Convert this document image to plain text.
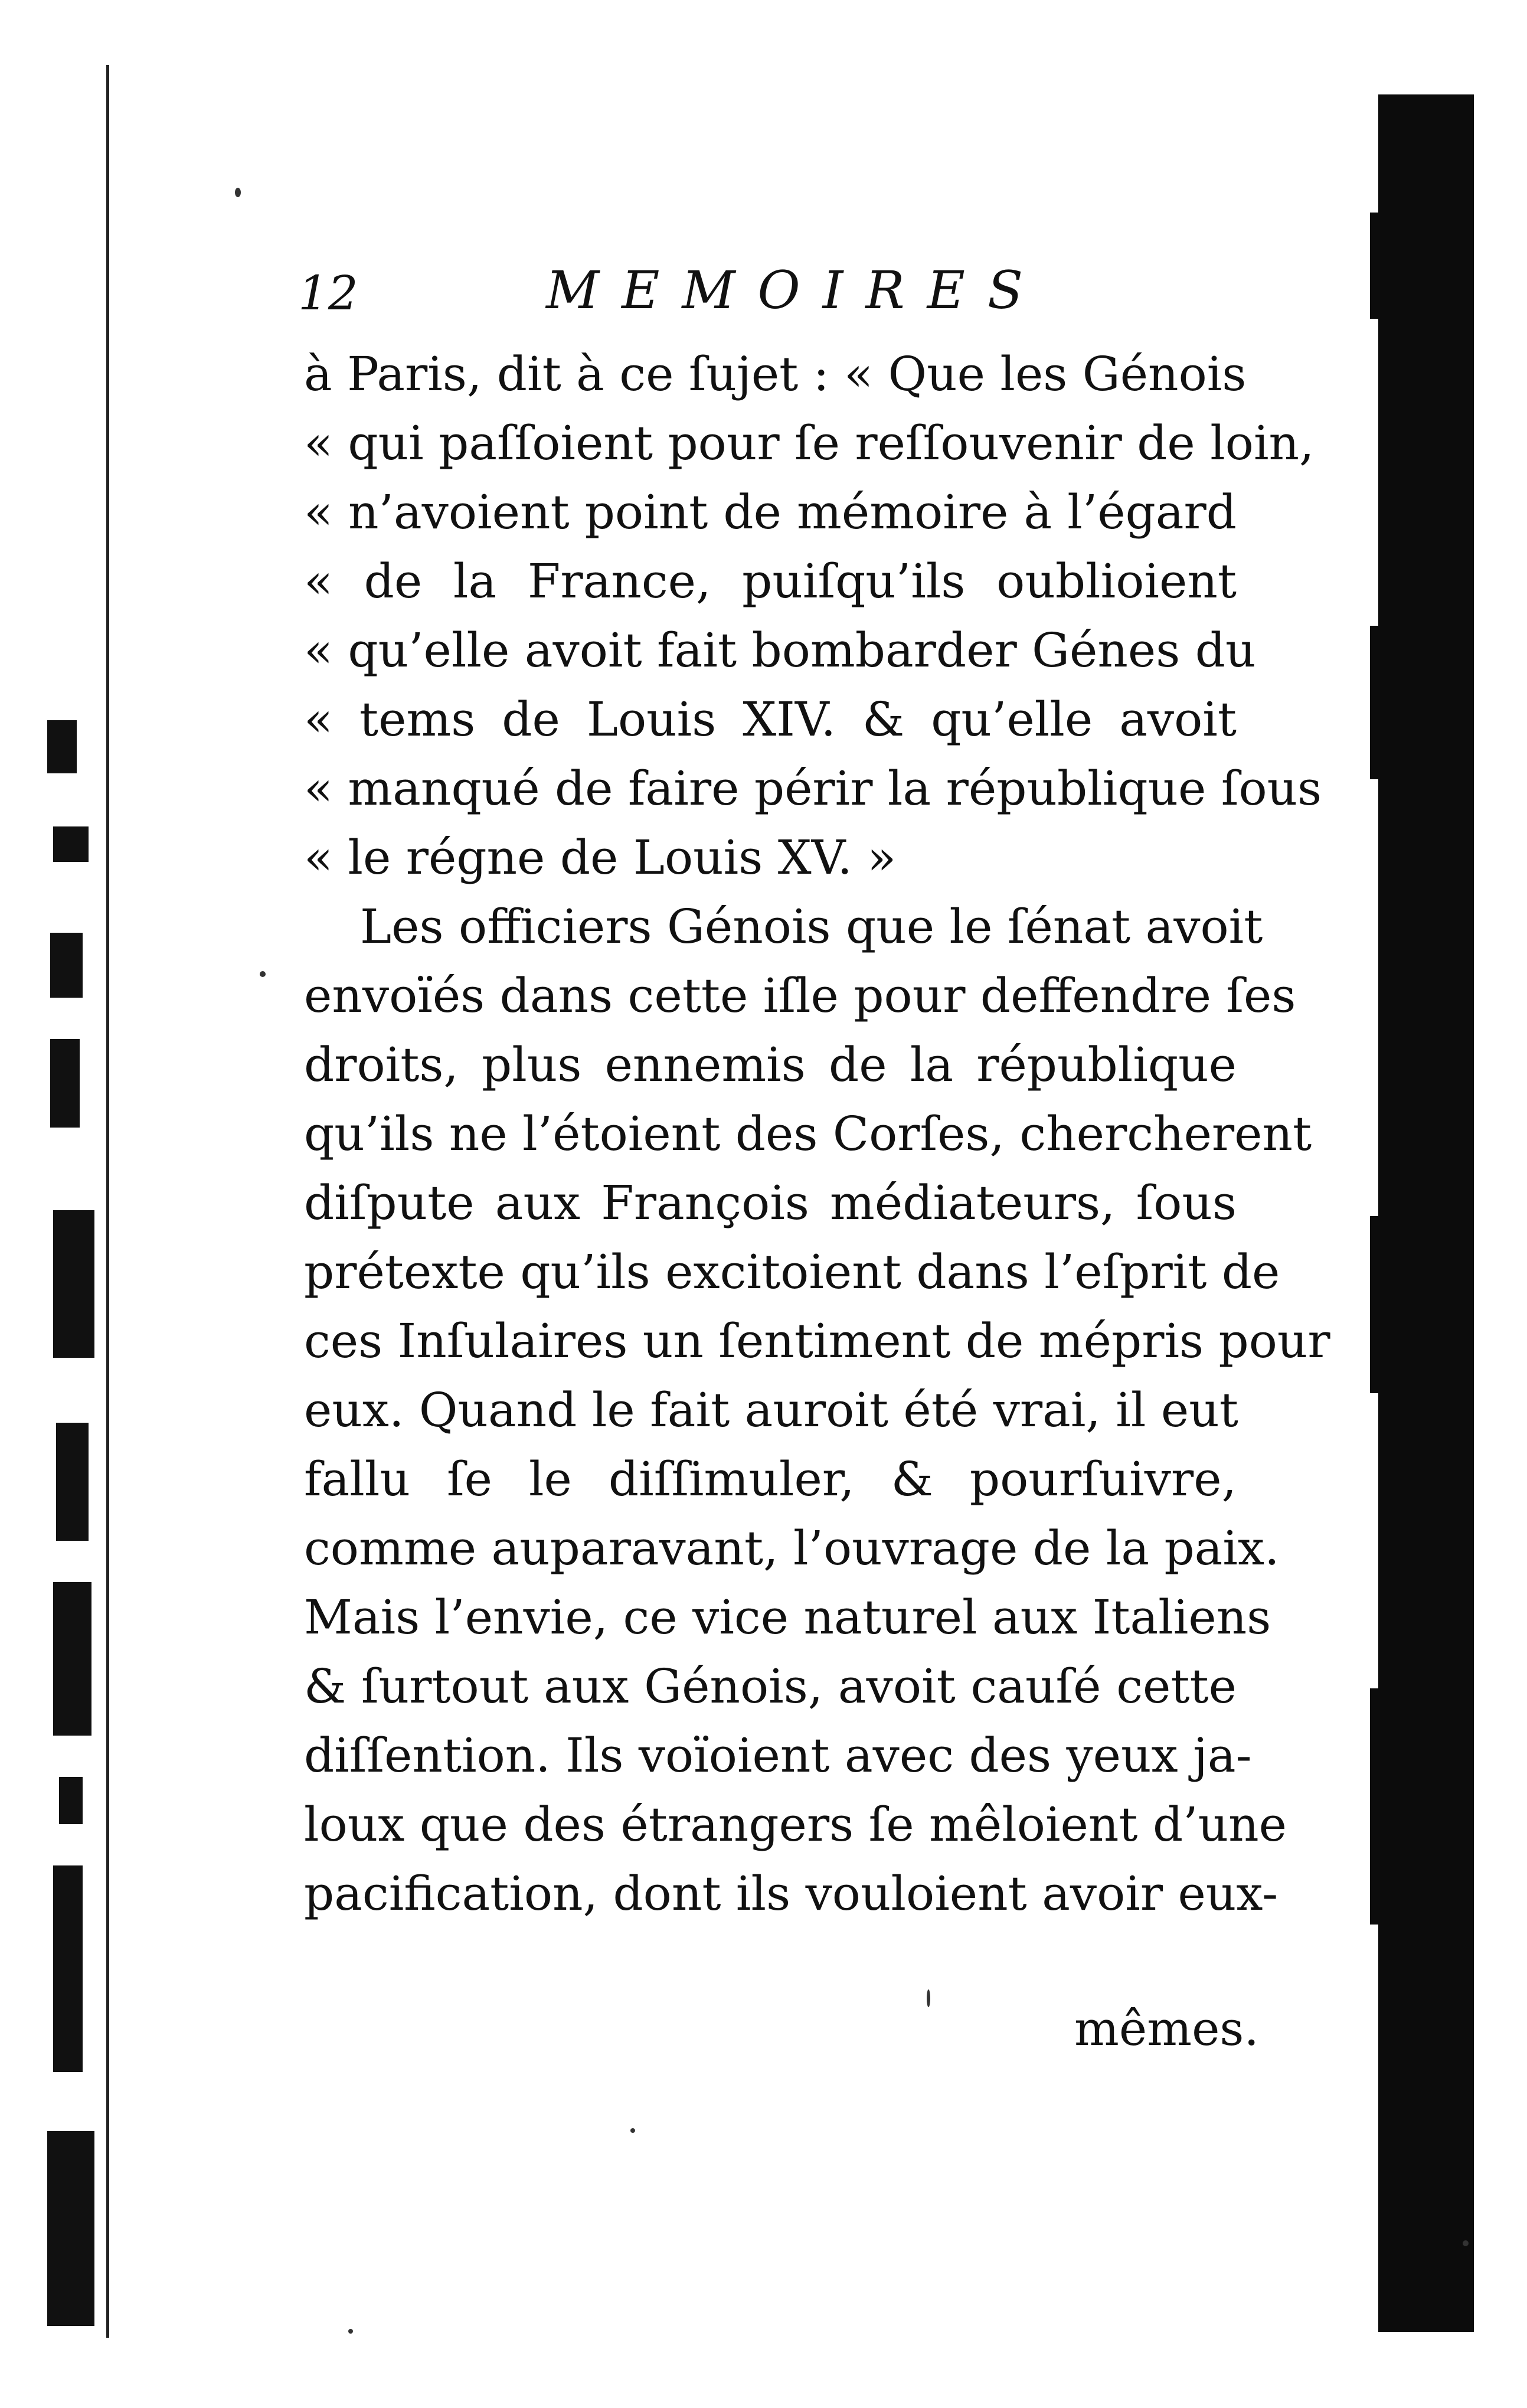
12	MEMOIRES
à Paris, dit à ce ſujet : « Que les Génois
« qui paſſoient pour ſe reſſouvenir de loin,
« n’avoient point de mémoire à l’égard
« de la France, puiſqu’ils oublioient
« qu’elle avoit fait bombarder Génes du
« tems de Louis XIV. & qu’elle avoit
« manqué de faire périr la république ſous
« le régne de Louis XV. »
Les officiers Génois que le ſénat avoit
envoïés dans cette iſle pour deffendre ſes
droits, plus ennemis de la république
qu’ils ne l’étoient des Corſes, chercherent
diſpute aux François médiateurs, ſous
prétexte qu’ils excitoient dans l’eſprit de
ces Inſulaires un ſentiment de mépris pour
eux. Quand le fait auroit été vrai, il eut
fallu ſe le diſſimuler, & pourſuivre,
comme auparavant, l’ouvrage de la paix.
Mais l’envie, ce vice naturel aux Italiens
& ſurtout aux Génois, avoit cauſé cette
diſſention. Ils voïoient avec des yeux ja-
loux que des étrangers ſe mêloient d’une
pacification, dont ils vouloient avoir eux-
mêmes.
